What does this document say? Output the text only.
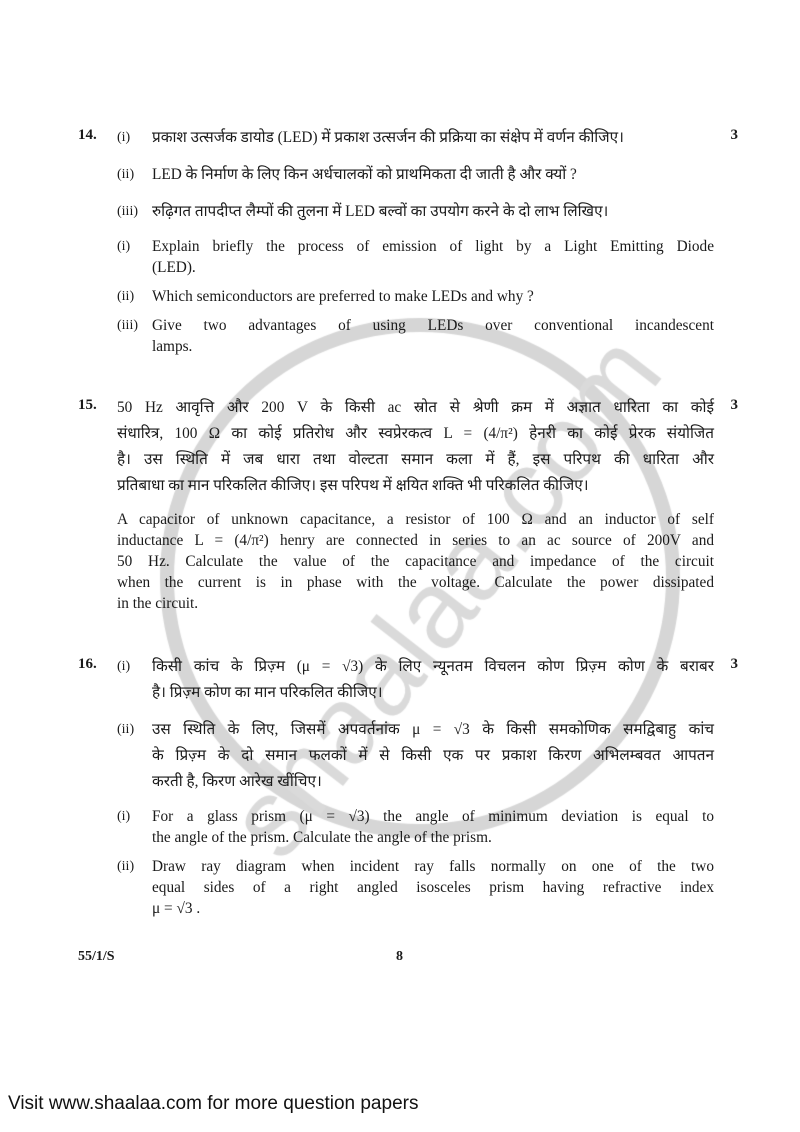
14.	(i)	प्रकाश उत्सर्जक डायोड (LED) में प्रकाश उत्सर्जन की प्रक्रिया का संक्षेप में वर्णन कीजिए।
(ii)	LED के निर्माण के लिए किन अर्धचालकों को प्राथमिकता दी जाती है और क्यों ?
(iii) रुढ़िगत तापदीप्त लैम्पों की तुलना में LED बल्वों का उपयोग करने के दो लाभ लिखिए।
(i)	Explain briefly the process of emission of light by a Light Emitting Diode
(LED).
(ii)	Which semiconductors are preferred to make LEDs and why ?
(iii) Give two advantages of using LEDs over conventional incandescent
lamps.
3
15.	50 Hz आवृत्ति और 200 V के किसी ac स्रोत से श्रेणी क्रम में अज्ञात धारिता का कोई
संधारित्र, 100 Ω का कोई प्रतिरोध और स्वप्रेरकत्व L = (4/π²) हेनरी का कोई प्रेरक संयोजित
है। उस स्थिति में जब धारा तथा वोल्टता समान कला में हैं, इस परिपथ की धारिता और
प्रतिबाधा का मान परिकलित कीजिए। इस परिपथ में क्षयित शक्ति भी परिकलित कीजिए।
A capacitor of unknown capacitance, a resistor of 100 Ω and an inductor of self
inductance L = (4/π²) henry are connected in series to an ac source of 200V and
50 Hz. Calculate the value of the capacitance and impedance of the circuit
when the current is in phase with the voltage. Calculate the power dissipated
in the circuit.
3
16.	(i)	किसी कांच के प्रिज़्म (μ = √3) के लिए न्यूनतम विचलन कोण प्रिज़्म कोण के बराबर
है। प्रिज़्म कोण का मान परिकलित कीजिए।
(ii)	उस स्थिति के लिए, जिसमें अपवर्तनांक μ = √3 के किसी समकोणिक समद्विबाहु कांच
के प्रिज़्म के दो समान फलकों में से किसी एक पर प्रकाश किरण अभिलम्बवत आपतन
करती है, किरण आरेख खींचिए।
(i)	For a glass prism (μ = √3) the angle of minimum deviation is equal to
the angle of the prism. Calculate the angle of the prism.
(ii)	Draw ray diagram when incident ray falls normally on one of the two
equal sides of a right angled isosceles prism having refractive index
μ = √3 .
3
55/1/S	8
Visit www.shaalaa.com for more question papers
